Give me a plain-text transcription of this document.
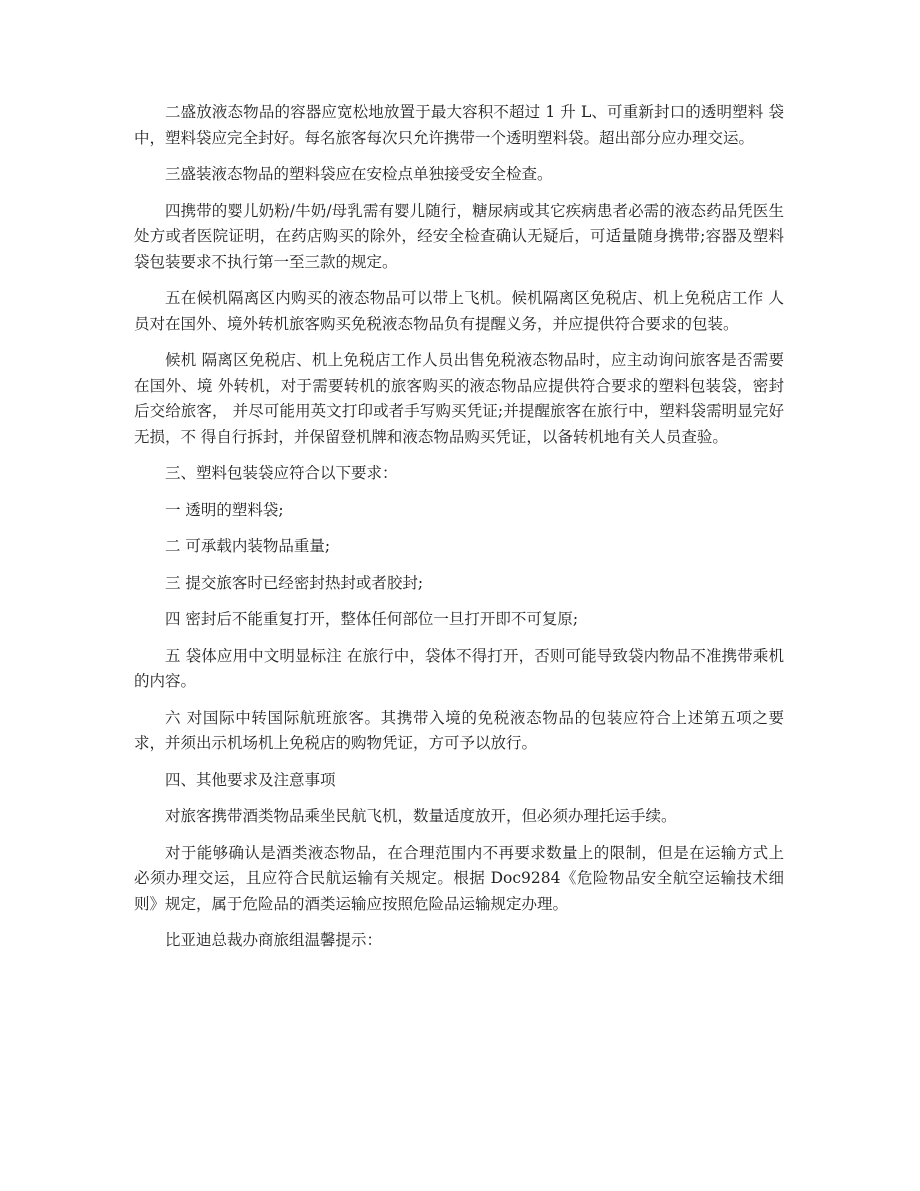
二盛放液态物品的容器应宽松地放置于最大容积不超过 1 升 L、可重新封口的透明塑料 袋中，塑料袋应完全封好。每名旅客每次只允许携带一个透明塑料袋。超出部分应办理交运。

三盛装液态物品的塑料袋应在安检点单独接受安全检查。

四携带的婴儿奶粉/牛奶/母乳需有婴儿随行，糖尿病或其它疾病患者必需的液态药品凭医生处方或者医院证明，在药店购买的除外，经安全检查确认无疑后，可适量随身携带;容器及塑料袋包装要求不执行第一至三款的规定。

五在候机隔离区内购买的液态物品可以带上飞机。候机隔离区免税店、机上免税店工作 人员对在国外、境外转机旅客购买免税液态物品负有提醒义务，并应提供符合要求的包装。

候机 隔离区免税店、机上免税店工作人员出售免税液态物品时，应主动询问旅客是否需要在国外、境 外转机，对于需要转机的旅客购买的液态物品应提供符合要求的塑料包装袋，密封后交给旅客， 并尽可能用英文打印或者手写购买凭证;并提醒旅客在旅行中，塑料袋需明显完好无损，不 得自行拆封，并保留登机牌和液态物品购买凭证，以备转机地有关人员查验。

三、塑料包装袋应符合以下要求：

一 透明的塑料袋;

二 可承载内装物品重量;

三 提交旅客时已经密封热封或者胶封;

四 密封后不能重复打开，整体任何部位一旦打开即不可复原;

五 袋体应用中文明显标注 在旅行中，袋体不得打开，否则可能导致袋内物品不准携带乘机的内容。

六 对国际中转国际航班旅客。其携带入境的免税液态物品的包装应符合上述第五项之要求，并须出示机场机上免税店的购物凭证，方可予以放行。

四、其他要求及注意事项

对旅客携带酒类物品乘坐民航飞机，数量适度放开，但必须办理托运手续。

对于能够确认是酒类液态物品，在合理范围内不再要求数量上的限制，但是在运输方式上必须办理交运，且应符合民航运输有关规定。根据 Doc9284《危险物品安全航空运输技术细则》规定，属于危险品的酒类运输应按照危险品运输规定办理。

比亚迪总裁办商旅组温馨提示：
